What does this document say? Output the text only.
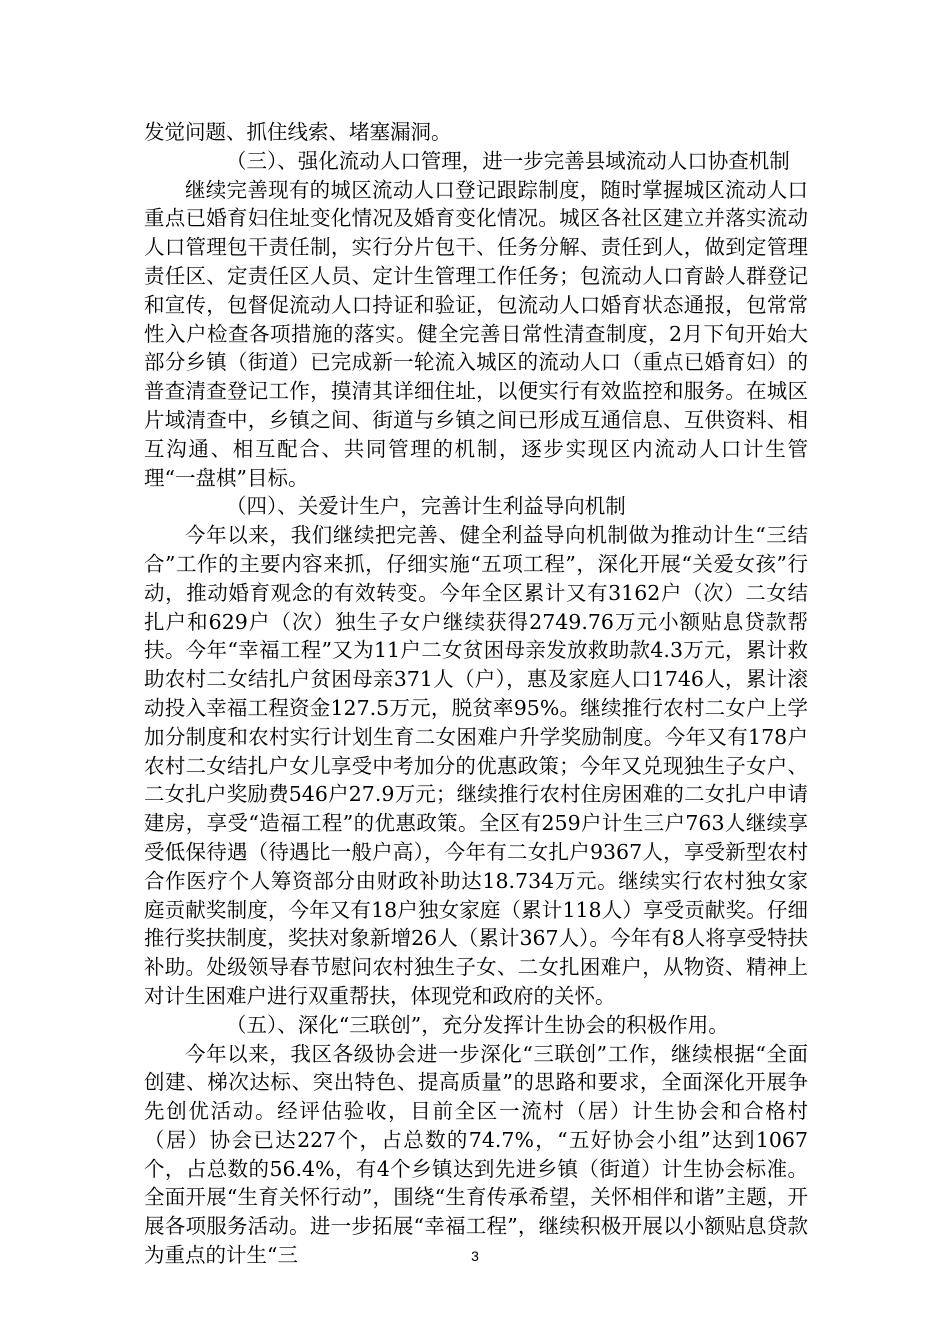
发觉问题、抓住线索、堵塞漏洞。

（三）、强化流动人口管理，进一步完善县域流动人口协查机制

继续完善现有的城区流动人口登记跟踪制度，随时掌握城区流动人口重点已婚育妇住址变化情况及婚育变化情况。城区各社区建立并落实流动人口管理包干责任制，实行分片包干、任务分解、责任到人，做到定管理责任区、定责任区人员、定计生管理工作任务；包流动人口育龄人群登记和宣传，包督促流动人口持证和验证，包流动人口婚育状态通报，包常常性入户检查各项措施的落实。健全完善日常性清查制度，2月下旬开始大部分乡镇（街道）已完成新一轮流入城区的流动人口（重点已婚育妇）的普查清查登记工作，摸清其详细住址，以便实行有效监控和服务。在城区片域清查中，乡镇之间、街道与乡镇之间已形成互通信息、互供资料、相互沟通、相互配合、共同管理的机制，逐步实现区内流动人口计生管理“一盘棋”目标。

（四）、关爱计生户，完善计生利益导向机制

今年以来，我们继续把完善、健全利益导向机制做为推动计生“三结合”工作的主要内容来抓，仔细实施“五项工程”，深化开展“关爱女孩”行动，推动婚育观念的有效转变。今年全区累计又有3162户（次）二女结扎户和629户（次）独生子女户继续获得2749.76万元小额贴息贷款帮扶。今年“幸福工程”又为11户二女贫困母亲发放救助款4.3万元，累计救助农村二女结扎户贫困母亲371人（户），惠及家庭人口1746人，累计滚动投入幸福工程资金127.5万元，脱贫率95%。继续推行农村二女户上学加分制度和农村实行计划生育二女困难户升学奖励制度。今年又有178户农村二女结扎户女儿享受中考加分的优惠政策；今年又兑现独生子女户、二女扎户奖励费546户27.9万元；继续推行农村住房困难的二女扎户申请建房，享受“造福工程”的优惠政策。全区有259户计生三户763人继续享受低保待遇（待遇比一般户高），今年有二女扎户9367人，享受新型农村合作医疗个人筹资部分由财政补助达18.734万元。继续实行农村独女家庭贡献奖制度，今年又有18户独女家庭（累计118人）享受贡献奖。仔细推行奖扶制度，奖扶对象新增26人（累计367人）。今年有8人将享受特扶补助。处级领导春节慰问农村独生子女、二女扎困难户，从物资、精神上对计生困难户进行双重帮扶，体现党和政府的关怀。

（五）、深化“三联创”，充分发挥计生协会的积极作用。

今年以来，我区各级协会进一步深化“三联创”工作，继续根据“全面创建、梯次达标、突出特色、提高质量”的思路和要求，全面深化开展争先创优活动。经评估验收，目前全区一流村（居）计生协会和合格村（居）协会已达227个，占总数的74.7%，“五好协会小组”达到1067个，占总数的56.4%，有4个乡镇达到先进乡镇（街道）计生协会标准。全面开展“生育关怀行动”，围绕“生育传承希望，关怀相伴和谐”主题，开展各项服务活动。进一步拓展“幸福工程”，继续积极开展以小额贴息贷款为重点的计生“三	3
